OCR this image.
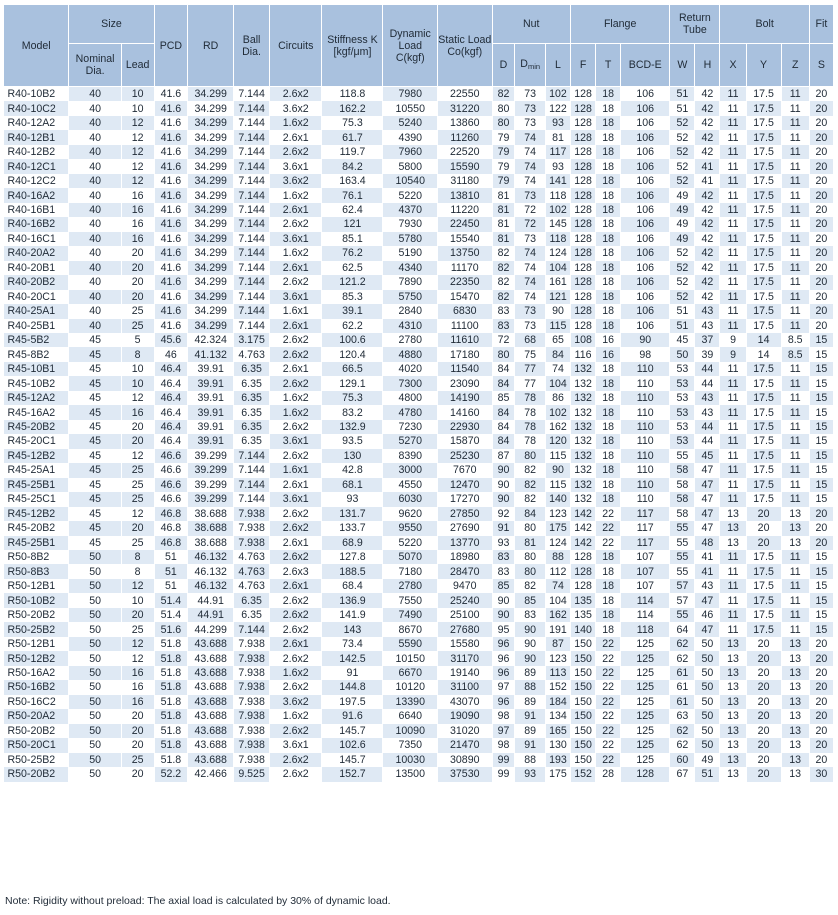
Model	Size		PCD	RD	Ball Dia.	Circuits	Stiffness K [kgf/μm]	Dynamic Load C(kgf)	Static Load Co(kgf)	Nut			Flange			Return Tube		Bolt			Fit
	Nominal Dia.	Lead								D	$D_{min}$	L	F	T	BCD-E	W	H	X	Y	Z	S
R40-10B2	40	10	41.6	34.299	7.144	2.6x2	118.8	7980	22550	82	73	102	128	18	106	51	42	11	17.5	11	20
R40-10C2	40	10	41.6	34.299	7.144	3.6x2	162.2	10550	31220	80	73	122	128	18	106	51	42	11	17.5	11	20
R40-12A2	40	12	41.6	34.299	7.144	1.6x2	75.3	5240	13860	80	73	93	128	18	106	52	42	11	17.5	11	20
R40-12B1	40	12	41.6	34.299	7.144	2.6x1	61.7	4390	11260	79	74	81	128	18	106	52	42	11	17.5	11	20
R40-12B2	40	12	41.6	34.299	7.144	2.6x2	119.7	7960	22520	79	74	117	128	18	106	52	42	11	17.5	11	20
R40-12C1	40	12	41.6	34.299	7.144	3.6x1	84.2	5800	15590	79	74	93	128	18	106	52	41	11	17.5	11	20
R40-12C2	40	12	41.6	34.299	7.144	3.6x2	163.4	10540	31180	79	74	141	128	18	106	52	41	11	17.5	11	20
R40-16A2	40	16	41.6	34.299	7.144	1.6x2	76.1	5220	13810	81	73	118	128	18	106	49	42	11	17.5	11	20
R40-16B1	40	16	41.6	34.299	7.144	2.6x1	62.4	4370	11220	81	72	102	128	18	106	49	42	11	17.5	11	20
R40-16B2	40	16	41.6	34.299	7.144	2.6x2	121	7930	22450	81	72	145	128	18	106	49	42	11	17.5	11	20
R40-16C1	40	16	41.6	34.299	7.144	3.6x1	85.1	5780	15540	81	73	118	128	18	106	49	42	11	17.5	11	20
R40-20A2	40	20	41.6	34.299	7.144	1.6x2	76.2	5190	13750	82	74	124	128	18	106	52	42	11	17.5	11	20
R40-20B1	40	20	41.6	34.299	7.144	2.6x1	62.5	4340	11170	82	74	104	128	18	106	52	42	11	17.5	11	20
R40-20B2	40	20	41.6	34.299	7.144	2.6x2	121.2	7890	22350	82	74	161	128	18	106	52	42	11	17.5	11	20
R40-20C1	40	20	41.6	34.299	7.144	3.6x1	85.3	5750	15470	82	74	121	128	18	106	52	42	11	17.5	11	20
R40-25A1	40	25	41.6	34.299	7.144	1.6x1	39.1	2840	6830	83	73	90	128	18	106	51	43	11	17.5	11	20
R40-25B1	40	25	41.6	34.299	7.144	2.6x1	62.2	4310	11100	83	73	115	128	18	106	51	43	11	17.5	11	20
R45-5B2	45	5	45.6	42.324	3.175	2.6x2	100.6	2780	11610	72	68	65	108	16	90	45	37	9	14	8.5	15
R45-8B2	45	8	46	41.132	4.763	2.6x2	120.4	4880	17180	80	75	84	116	16	98	50	39	9	14	8.5	15
R45-10B1	45	10	46.4	39.91	6.35	2.6x1	66.5	4020	11540	84	77	74	132	18	110	53	44	11	17.5	11	15
R45-10B2	45	10	46.4	39.91	6.35	2.6x2	129.1	7300	23090	84	77	104	132	18	110	53	44	11	17.5	11	15
R45-12A2	45	12	46.4	39.91	6.35	1.6x2	75.3	4800	14190	85	78	86	132	18	110	53	43	11	17.5	11	15
R45-16A2	45	16	46.4	39.91	6.35	1.6x2	83.2	4780	14160	84	78	102	132	18	110	53	43	11	17.5	11	15
R45-20B2	45	20	46.4	39.91	6.35	2.6x2	132.9	7230	22930	84	78	162	132	18	110	53	44	11	17.5	11	15
R45-20C1	45	20	46.4	39.91	6.35	3.6x1	93.5	5270	15870	84	78	120	132	18	110	53	44	11	17.5	11	15
R45-12B2	45	12	46.6	39.299	7.144	2.6x2	130	8390	25230	87	80	115	132	18	110	55	45	11	17.5	11	15
R45-25A1	45	25	46.6	39.299	7.144	1.6x1	42.8	3000	7670	90	82	90	132	18	110	58	47	11	17.5	11	15
R45-25B1	45	25	46.6	39.299	7.144	2.6x1	68.1	4550	12470	90	82	115	132	18	110	58	47	11	17.5	11	15
R45-25C1	45	25	46.6	39.299	7.144	3.6x1	93	6030	17270	90	82	140	132	18	110	58	47	11	17.5	11	15
R45-12B2	45	12	46.8	38.688	7.938	2.6x2	131.7	9620	27850	92	84	123	142	22	117	58	47	13	20	13	20
R45-20B2	45	20	46.8	38.688	7.938	2.6x2	133.7	9550	27690	91	80	175	142	22	117	55	47	13	20	13	20
R45-25B1	45	25	46.8	38.688	7.938	2.6x1	68.9	5220	13770	93	81	124	142	22	117	55	48	13	20	13	20
R50-8B2	50	8	51	46.132	4.763	2.6x2	127.8	5070	18980	83	80	88	128	18	107	55	41	11	17.5	11	15
R50-8B3	50	8	51	46.132	4.763	2.6x3	188.5	7180	28470	83	80	112	128	18	107	55	41	11	17.5	11	15
R50-12B1	50	12	51	46.132	4.763	2.6x1	68.4	2780	9470	85	82	74	128	18	107	57	43	11	17.5	11	15
R50-10B2	50	10	51.4	44.91	6.35	2.6x2	136.9	7550	25240	90	85	104	135	18	114	57	47	11	17.5	11	15
R50-20B2	50	20	51.4	44.91	6.35	2.6x2	141.9	7490	25100	90	83	162	135	18	114	55	46	11	17.5	11	15
R50-25B2	50	25	51.6	44.299	7.144	2.6x2	143	8670	27680	95	90	191	140	18	118	64	47	11	17.5	11	15
R50-12B1	50	12	51.8	43.688	7.938	2.6x1	73.4	5590	15580	96	90	87	150	22	125	62	50	13	20	13	20
R50-12B2	50	12	51.8	43.688	7.938	2.6x2	142.5	10150	31170	96	90	123	150	22	125	62	50	13	20	13	20
R50-16A2	50	16	51.8	43.688	7.938	1.6x2	91	6670	19140	96	89	113	150	22	125	61	50	13	20	13	20
R50-16B2	50	16	51.8	43.688	7.938	2.6x2	144.8	10120	31100	97	88	152	150	22	125	61	50	13	20	13	20
R50-16C2	50	16	51.8	43.688	7.938	3.6x2	197.5	13390	43070	96	89	184	150	22	125	61	50	13	20	13	20
R50-20A2	50	20	51.8	43.688	7.938	1.6x2	91.6	6640	19090	98	91	134	150	22	125	63	50	13	20	13	20
R50-20B2	50	20	51.8	43.688	7.938	2.6x2	145.7	10090	31020	97	89	165	150	22	125	62	50	13	20	13	20
R50-20C1	50	20	51.8	43.688	7.938	3.6x1	102.6	7350	21470	98	91	130	150	22	125	62	50	13	20	13	20
R50-25B2	50	25	51.8	43.688	7.938	2.6x2	145.7	10030	30890	99	88	193	150	22	125	60	49	13	20	13	20
R50-20B2	50	20	52.2	42.466	9.525	2.6x2	152.7	13500	37530	99	93	175	152	28	128	67	51	13	20	13	30
Note: Rigidity without preload: The axial load is calculated by 30% of dynamic load.
